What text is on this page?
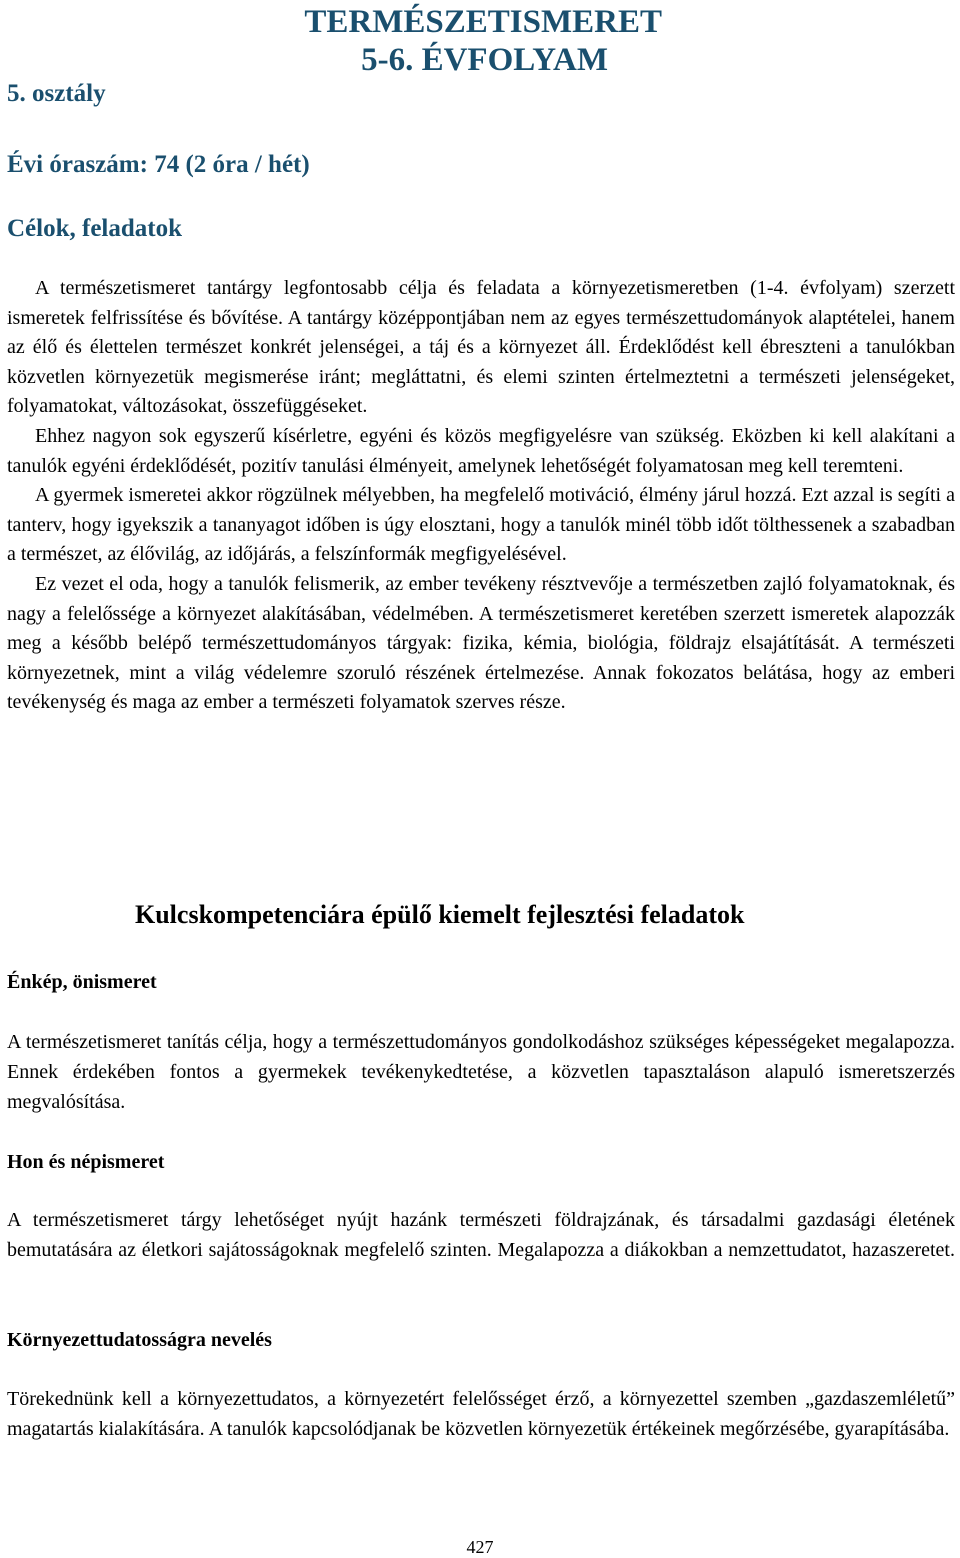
TERMÉSZETISMERET
5-6. ÉVFOLYAM
5. osztály
Évi óraszám: 74 (2 óra / hét)
Célok, feladatok

A természetismeret tantárgy legfontosabb célja és feladata a környezetismeretben (1-4. évfolyam) szerzett ismeretek felfrissítése és bővítése. A tantárgy középpontjában nem az egyes természettudományok alaptételei, hanem az élő és élettelen természet konkrét jelenségei, a táj és a környezet áll. Érdeklődést kell ébreszteni a tanulókban közvetlen környezetük megismerése iránt; megláttatni, és elemi szinten értelmeztetni a természeti jelenségeket, folyamatokat, változásokat, összefüggéseket.

Ehhez nagyon sok egyszerű kísérletre, egyéni és közös megfigyelésre van szükség. Eközben ki kell alakítani a tanulók egyéni érdeklődését, pozitív tanulási élményeit, amelynek lehetőségét folyamatosan meg kell teremteni.

A gyermek ismeretei akkor rögzülnek mélyebben, ha megfelelő motiváció, élmény járul hozzá. Ezt azzal is segíti a tanterv, hogy igyekszik a tananyagot időben is úgy elosztani, hogy a tanulók minél több időt tölthessenek a szabadban a természet, az élővilág, az időjárás, a felszínformák megfigyelésével.

Ez vezet el oda, hogy a tanulók felismerik, az ember tevékeny résztvevője a természetben zajló folyamatoknak, és nagy a felelőssége a környezet alakításában, védelmében. A természetismeret keretében szerzett ismeretek alapozzák meg a később belépő természettudományos tárgyak: fizika, kémia, biológia, földrajz elsajátítását. A természeti környezetnek, mint a világ védelemre szoruló részének értelmezése. Annak fokozatos belátása, hogy az emberi tevékenység és maga az ember a természeti folyamatok szerves része.

Kulcskompetenciára épülő kiemelt fejlesztési feladatok
Énkép, önismeret

A természetismeret tanítás célja, hogy a természettudományos gondolkodáshoz szükséges képességeket megalapozza. Ennek érdekében fontos a gyermekek tevékenykedtetése, a közvetlen tapasztaláson alapuló ismeretszerzés megvalósítása.

Hon és népismeret

A természetismeret tárgy lehetőséget nyújt hazánk természeti földrajzának, és társadalmi gazdasági életének bemutatására az életkori sajátosságoknak megfelelő szinten. Megalapozza a diákokban a nemzettudatot, hazaszeretet.

Környezettudatosságra nevelés

Törekednünk kell a környezettudatos, a környezetért felelősséget érző, a környezettel szemben „gazdaszemléletű” magatartás kialakítására. A tanulók kapcsolódjanak be közvetlen környezetük értékeinek megőrzésébe, gyarapításába.

427
